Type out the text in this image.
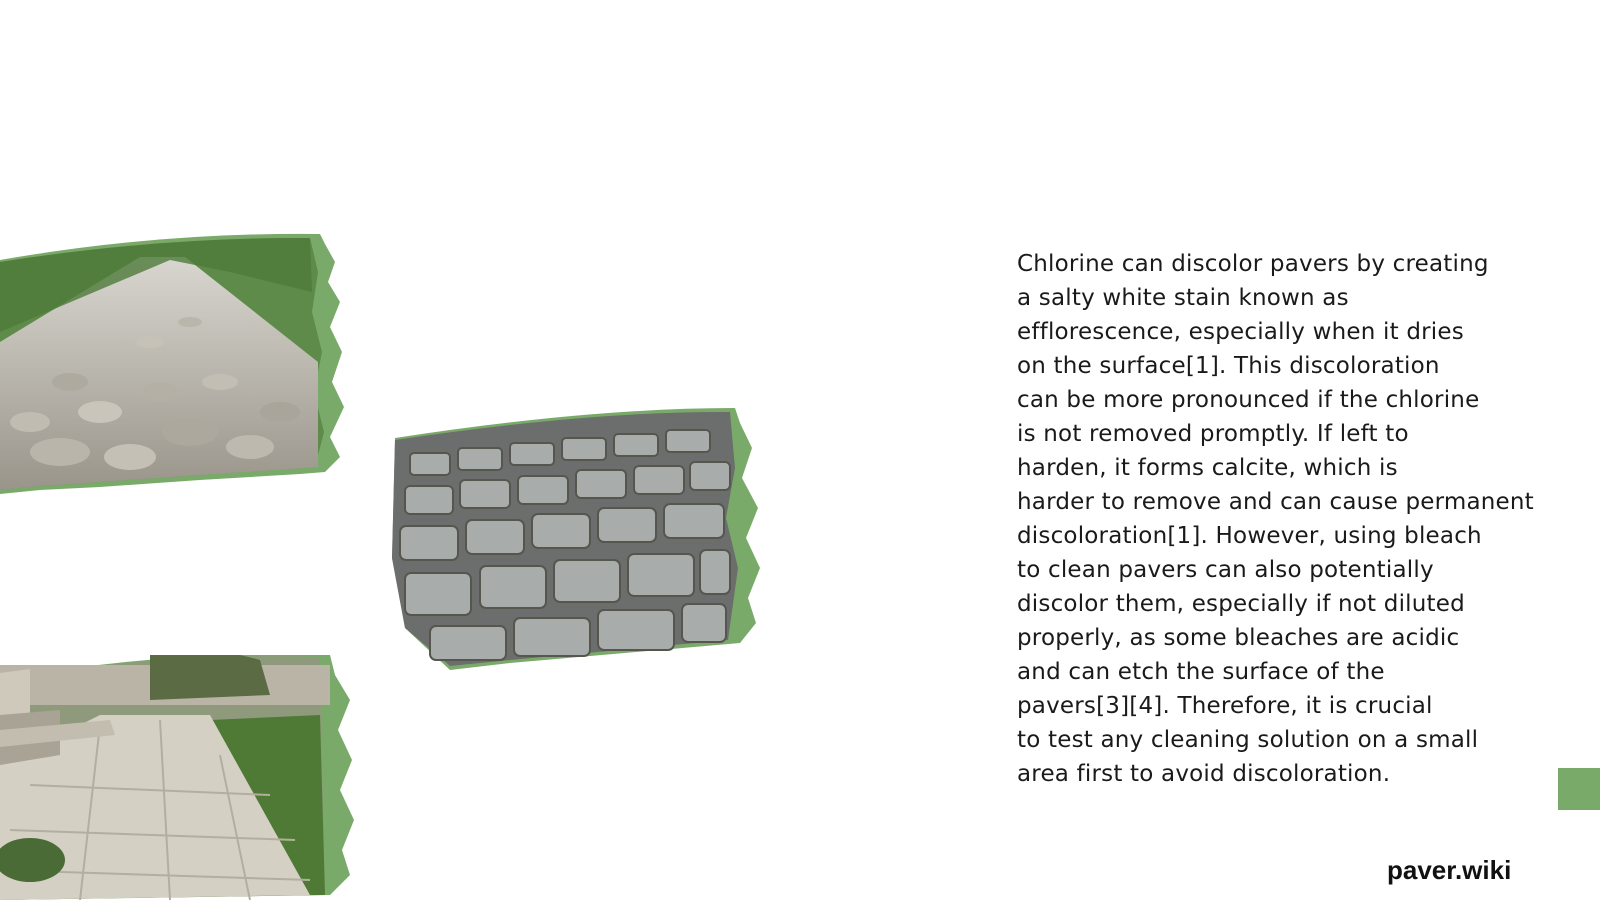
Chlorine can discolor pavers by creating
a salty white stain known as
efflorescence, especially when it dries
on the surface[1]. This discoloration
can be more pronounced if the chlorine
is not removed promptly. If left to
harden, it forms calcite, which is
harder to remove and can cause permanent
discoloration[1]. However, using bleach
to clean pavers can also potentially
discolor them, especially if not diluted
properly, as some bleaches are acidic
and can etch the surface of the
pavers[3][4]. Therefore, it is crucial
to test any cleaning solution on a small
area first to avoid discoloration.

paver.wiki
